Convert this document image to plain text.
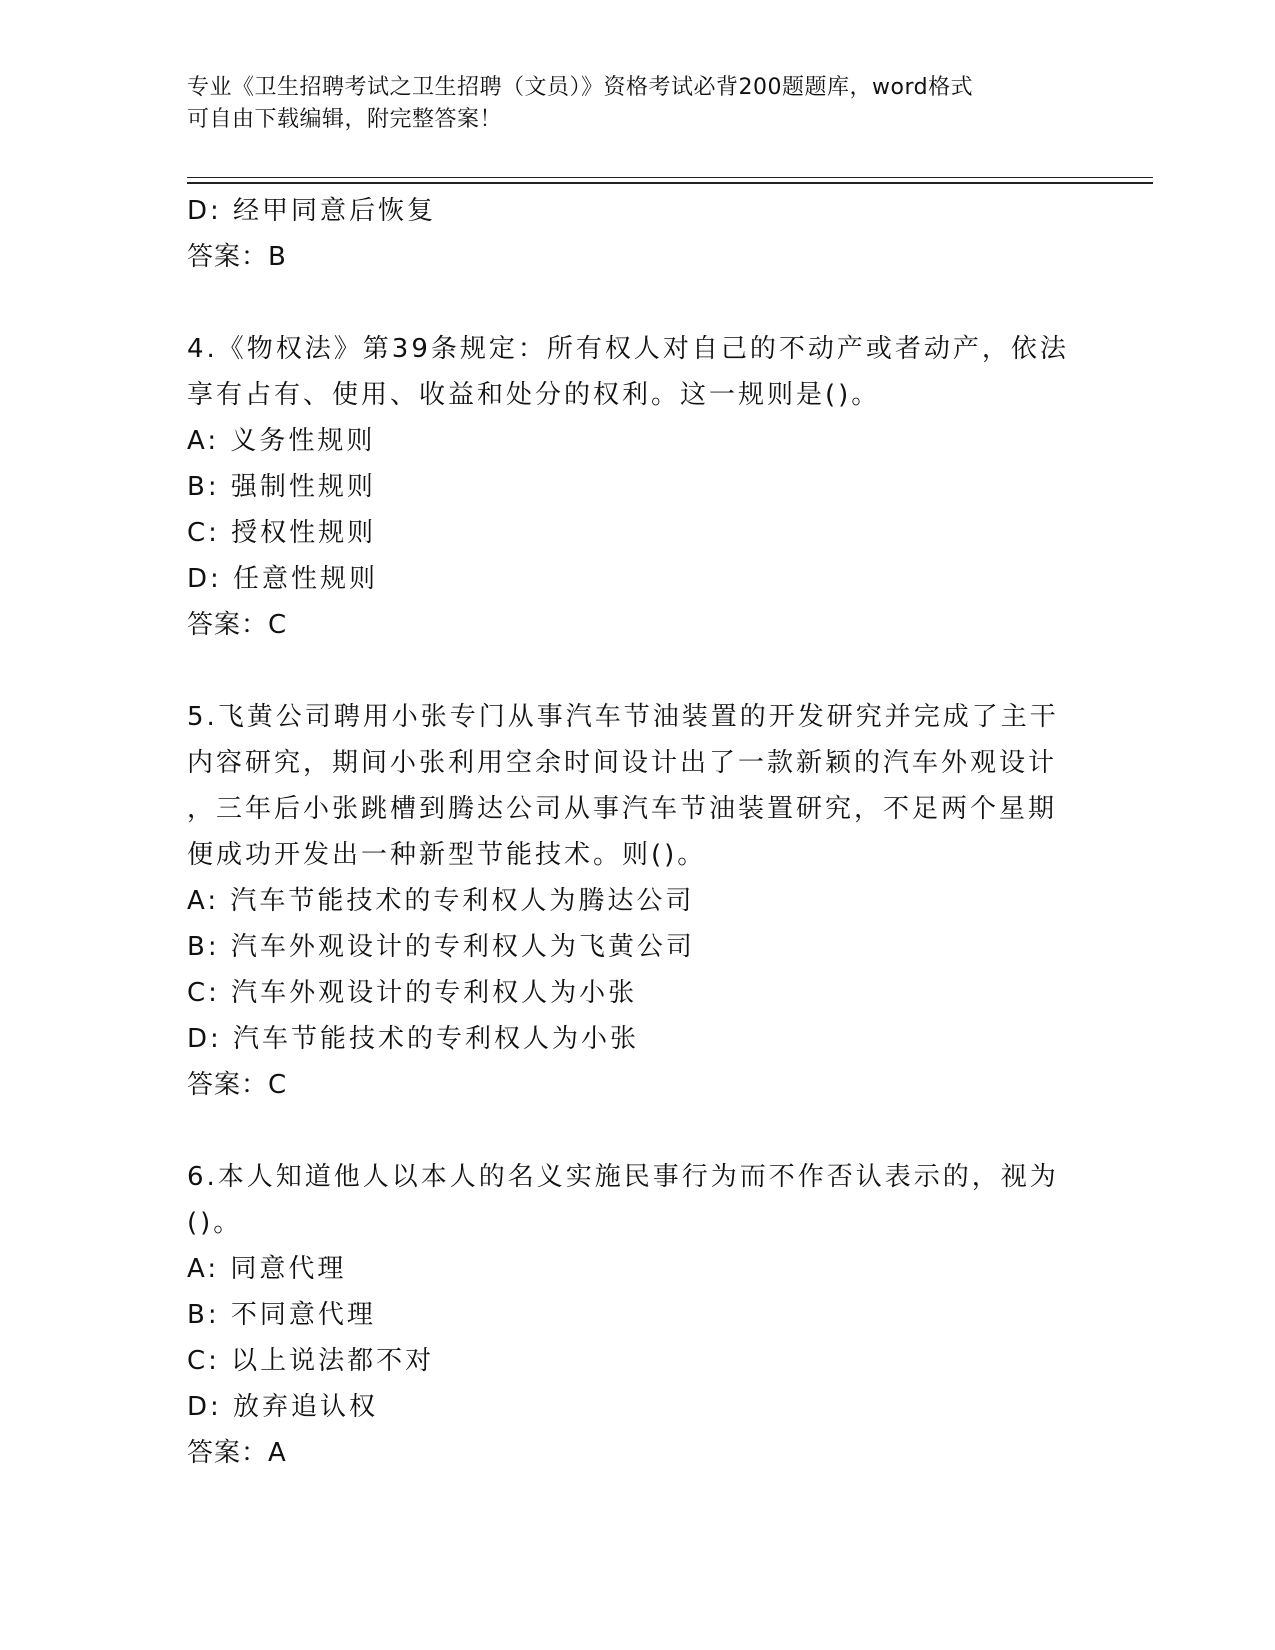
专业《卫生招聘考试之卫生招聘（文员）》资格考试必背200题题库，word格式
可自由下载编辑，附完整答案！
D: 经甲同意后恢复
答案：B
4.《物权法》第39条规定：所有权人对自己的不动产或者动产，依法
享有占有、使用、收益和处分的权利。这一规则是()。
A: 义务性规则
B: 强制性规则
C: 授权性规则
D: 任意性规则
答案：C
5.飞黄公司聘用小张专门从事汽车节油装置的开发研究并完成了主干
内容研究，期间小张利用空余时间设计出了一款新颖的汽车外观设计
，三年后小张跳槽到腾达公司从事汽车节油装置研究，不足两个星期
便成功开发出一种新型节能技术。则()。
A: 汽车节能技术的专利权人为腾达公司
B: 汽车外观设计的专利权人为飞黄公司
C: 汽车外观设计的专利权人为小张
D: 汽车节能技术的专利权人为小张
答案：C
6.本人知道他人以本人的名义实施民事行为而不作否认表示的，视为
()。
A: 同意代理
B: 不同意代理
C: 以上说法都不对
D: 放弃追认权
答案：A
